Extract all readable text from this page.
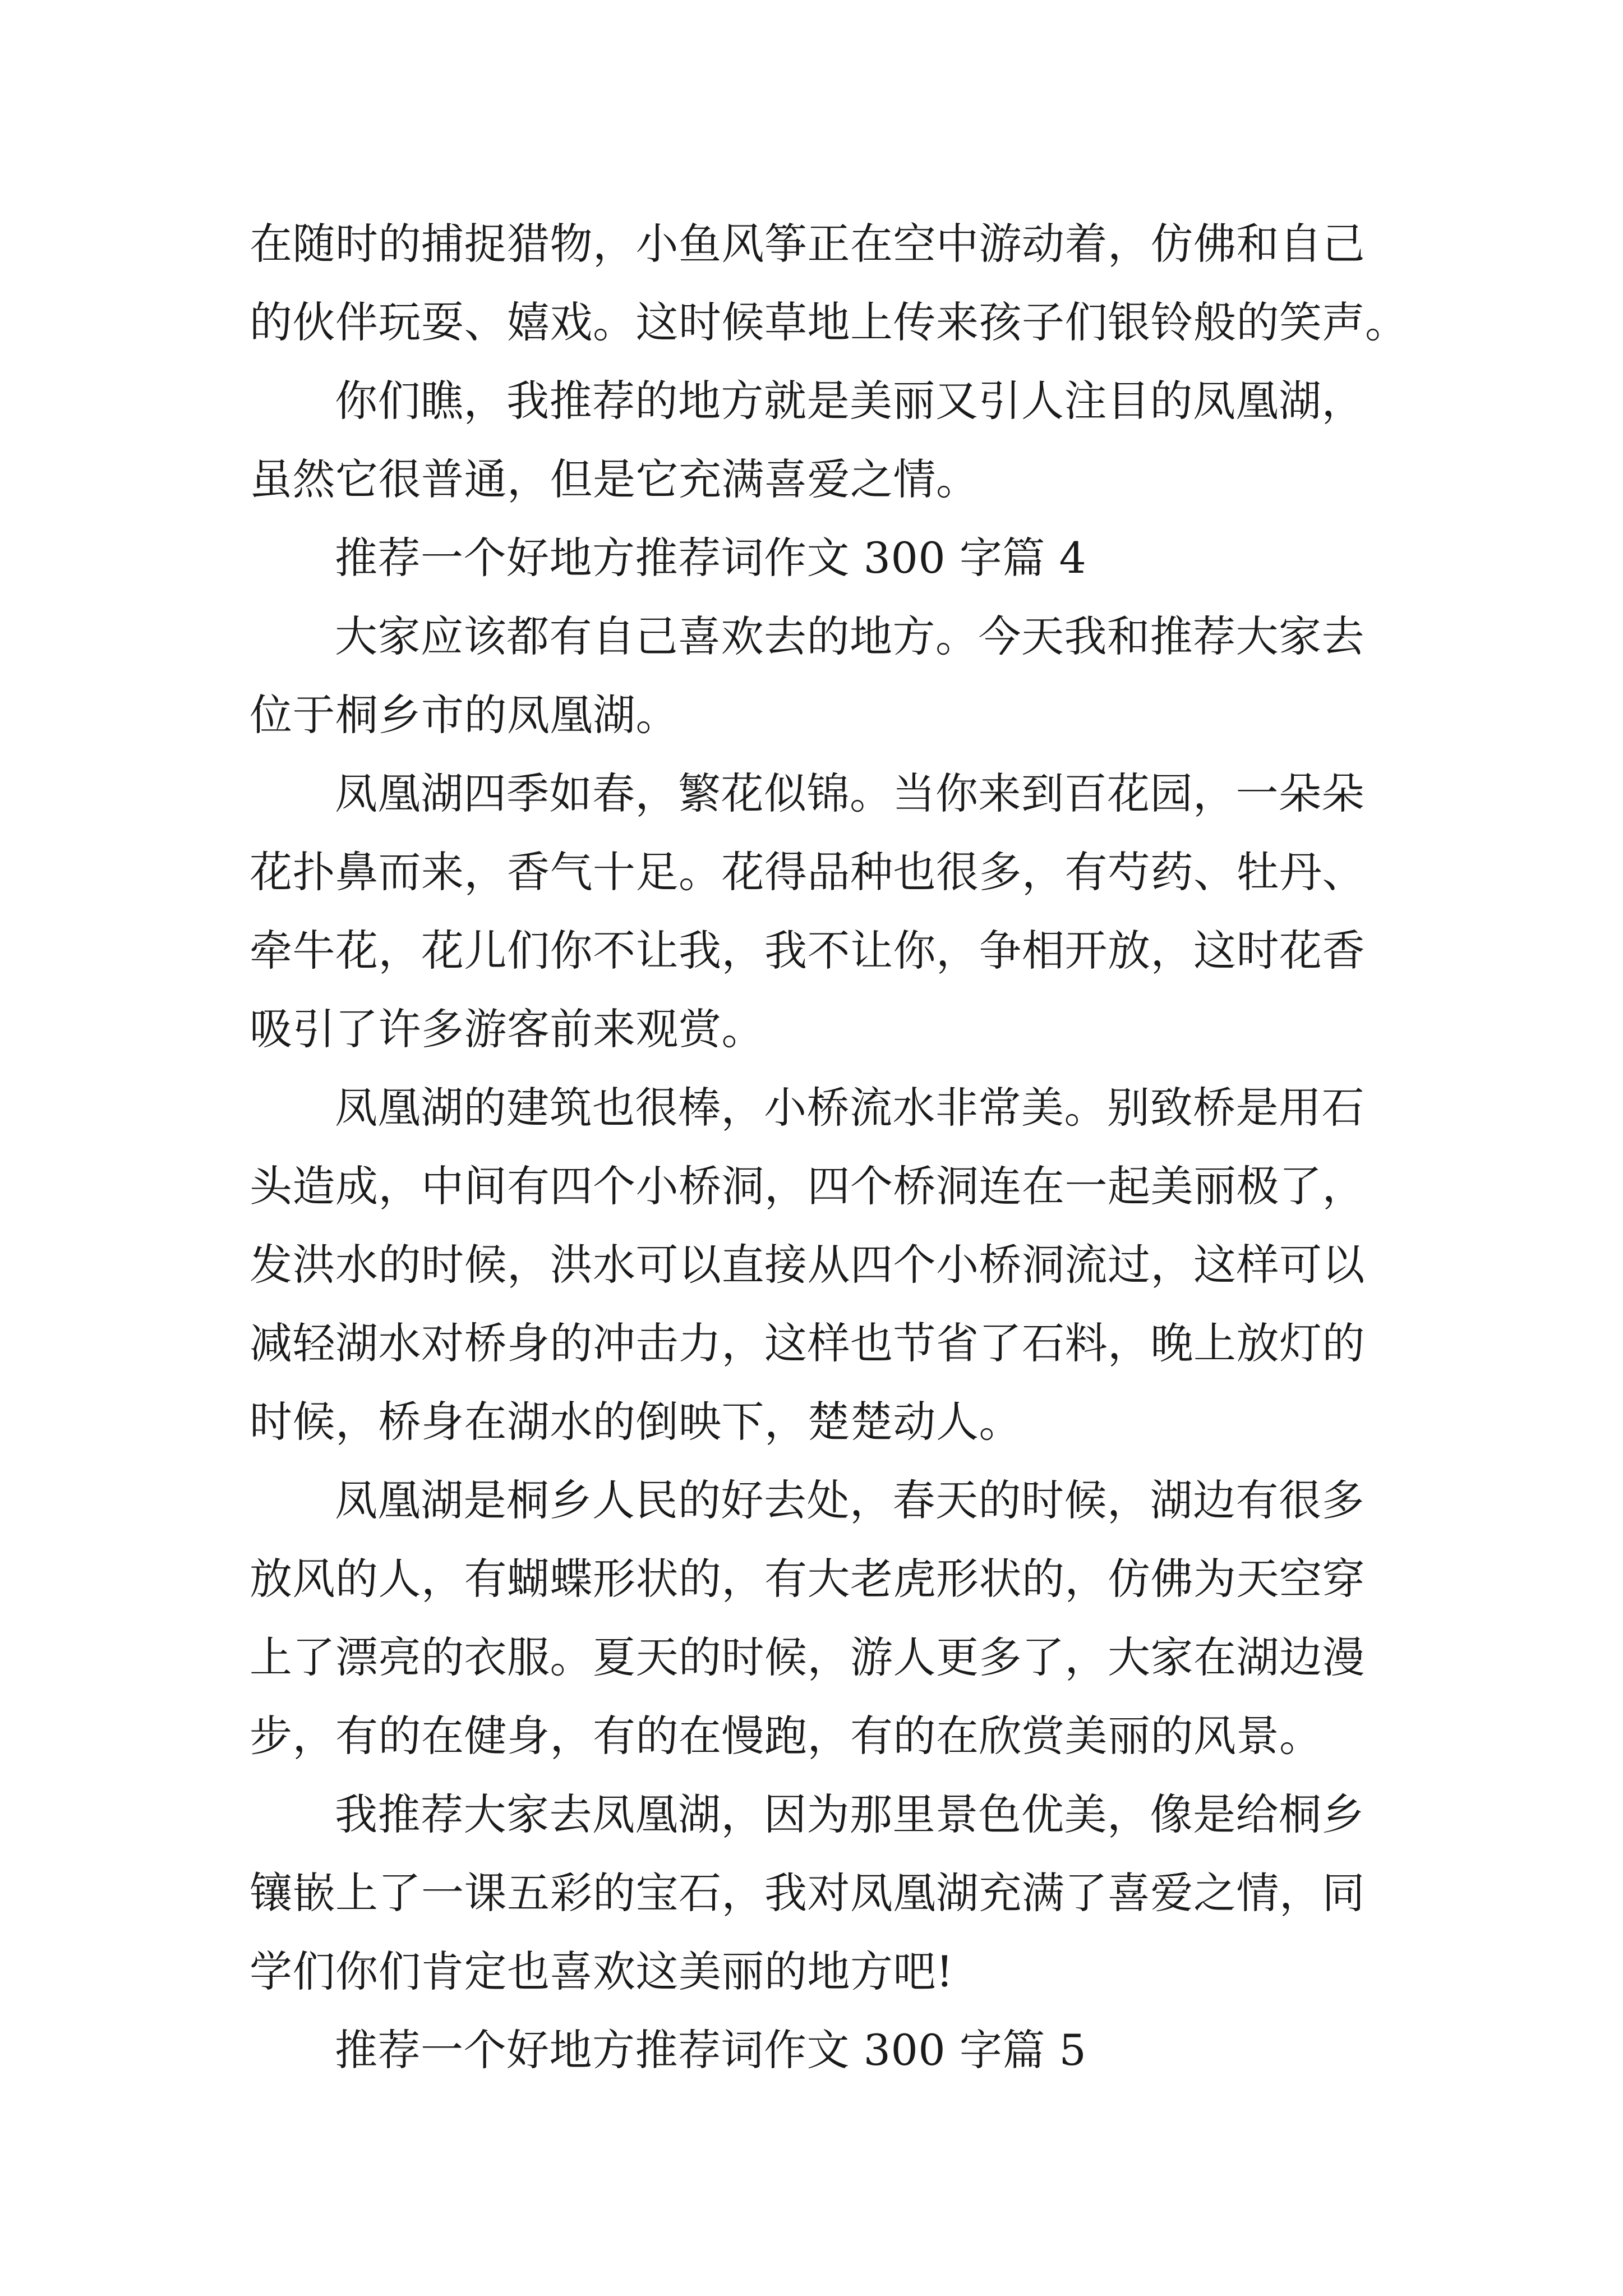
在随时的捕捉猎物，小鱼风筝正在空中游动着，仿佛和自己
的伙伴玩耍、嬉戏。这时候草地上传来孩子们银铃般的笑声。
你们瞧，我推荐的地方就是美丽又引人注目的凤凰湖，
虽然它很普通，但是它充满喜爱之情。
推荐一个好地方推荐词作文 300 字篇 4
大家应该都有自己喜欢去的地方。今天我和推荐大家去
位于桐乡市的凤凰湖。
凤凰湖四季如春，繁花似锦。当你来到百花园，一朵朵
花扑鼻而来，香气十足。花得品种也很多，有芍药、牡丹、
牵牛花，花儿们你不让我，我不让你，争相开放，这时花香
吸引了许多游客前来观赏。
凤凰湖的建筑也很棒，小桥流水非常美。别致桥是用石
头造成，中间有四个小桥洞，四个桥洞连在一起美丽极了，
发洪水的时候，洪水可以直接从四个小桥洞流过，这样可以
减轻湖水对桥身的冲击力，这样也节省了石料，晚上放灯的
时候，桥身在湖水的倒映下，楚楚动人。
凤凰湖是桐乡人民的好去处，春天的时候，湖边有很多
放风的人，有蝴蝶形状的，有大老虎形状的，仿佛为天空穿
上了漂亮的衣服。夏天的时候，游人更多了，大家在湖边漫
步，有的在健身，有的在慢跑，有的在欣赏美丽的风景。
我推荐大家去凤凰湖，因为那里景色优美，像是给桐乡
镶嵌上了一课五彩的宝石，我对凤凰湖充满了喜爱之情，同
学们你们肯定也喜欢这美丽的地方吧!
推荐一个好地方推荐词作文 300 字篇 5
